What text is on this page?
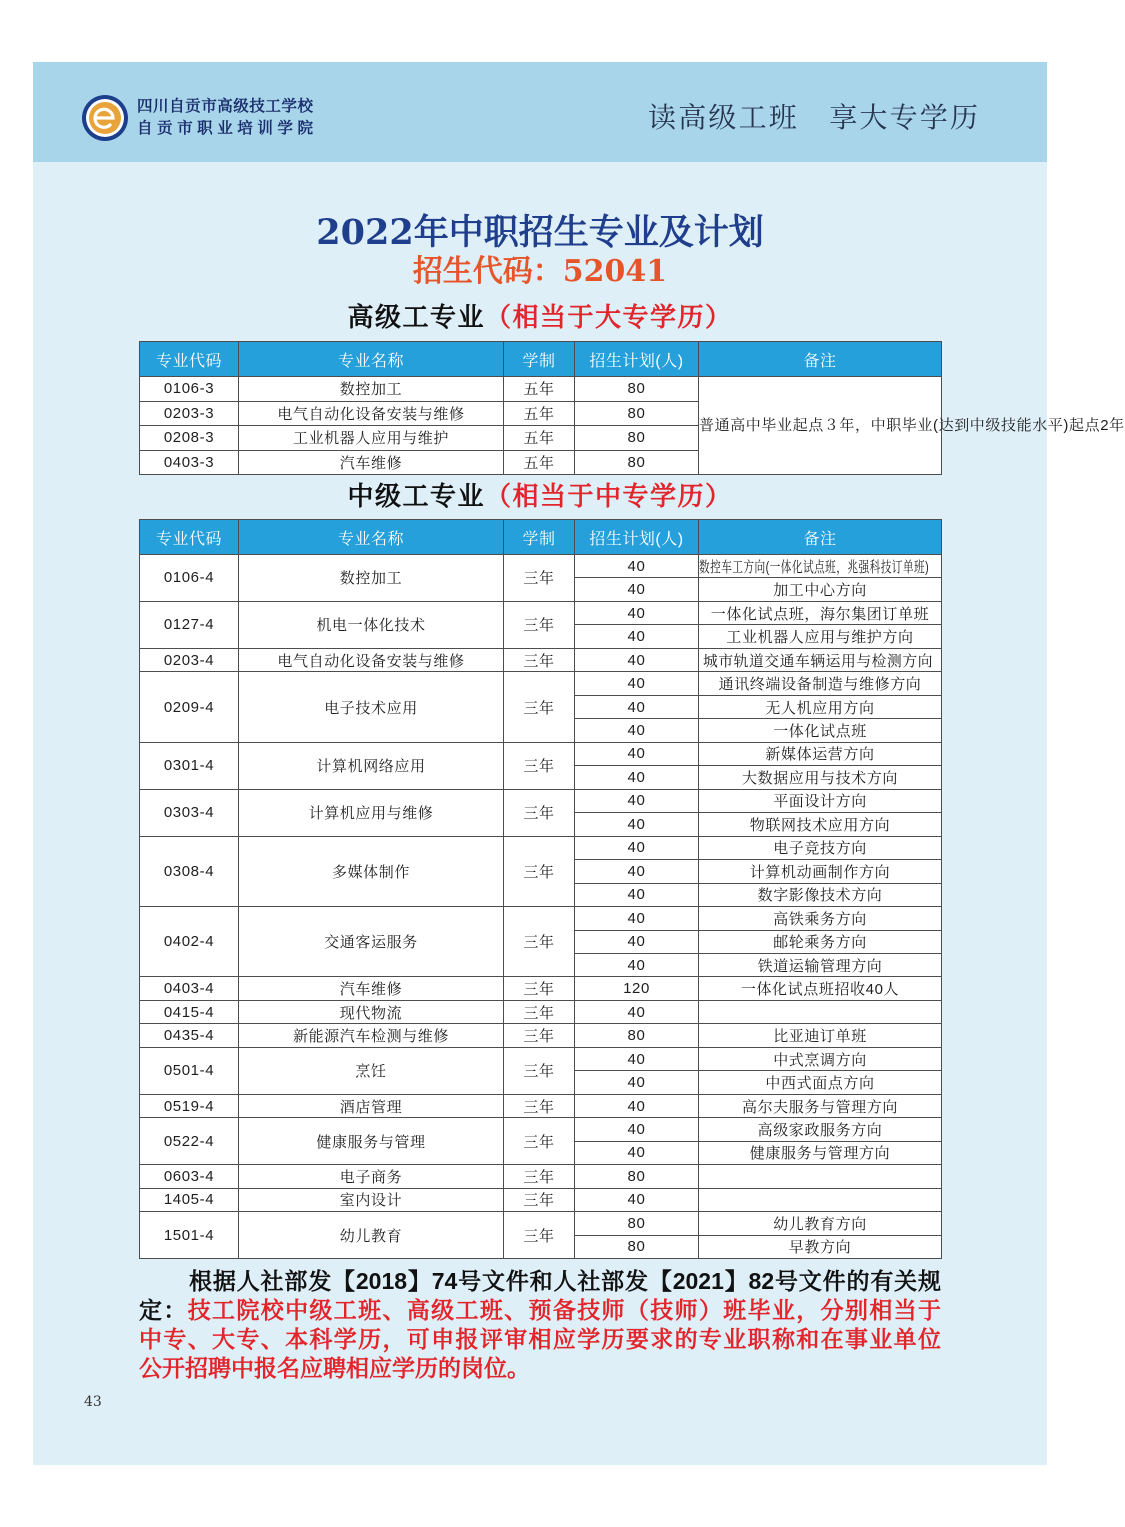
四川自贡市高级技工学校
自贡市职业培训学院	读高级工班　享大专学历
2022年中职招生专业及计划
招生代码：52041
高级工专业（相当于大专学历）
专业代码	专业名称	学制	招生计划(人)	备注
0106-3	数控加工	五年	80	普通高中毕业起点３年，中职毕业(达到中级技能水平)起点2年
0203-3	电气自动化设备安装与维修	五年	80	
0208-3	工业机器人应用与维护	五年	80	
0403-3	汽车维修	五年	80	
中级工专业（相当于中专学历）
专业代码	专业名称	学制	招生计划(人)	备注
0106-4	数控加工	三年	40	数控车工方向(一体化试点班，兆强科技订单班)
			40	加工中心方向
0127-4	机电一体化技术	三年	40	一体化试点班，海尔集团订单班
			40	工业机器人应用与维护方向
0203-4	电气自动化设备安装与维修	三年	40	城市轨道交通车辆运用与检测方向
0209-4	电子技术应用	三年	40	通讯终端设备制造与维修方向
			40	无人机应用方向
			40	一体化试点班
0301-4	计算机网络应用	三年	40	新媒体运营方向
			40	大数据应用与技术方向
0303-4	计算机应用与维修	三年	40	平面设计方向
			40	物联网技术应用方向
0308-4	多媒体制作	三年	40	电子竞技方向
			40	计算机动画制作方向
			40	数字影像技术方向
0402-4	交通客运服务	三年	40	高铁乘务方向
			40	邮轮乘务方向
			40	铁道运输管理方向
0403-4	汽车维修	三年	120	一体化试点班招收40人
0415-4	现代物流	三年	40	
0435-4	新能源汽车检测与维修	三年	80	比亚迪订单班
0501-4	烹饪	三年	40	中式烹调方向
			40	中西式面点方向
0519-4	酒店管理	三年	40	高尔夫服务与管理方向
0522-4	健康服务与管理	三年	40	高级家政服务方向
			40	健康服务与管理方向
0603-4	电子商务	三年	80	
1405-4	室内设计	三年	40	
1501-4	幼儿教育	三年	80	幼儿教育方向
			80	早教方向
根据人社部发【2018】74号文件和人社部发【2021】82号文件的有关规
定：技工院校中级工班、高级工班、预备技师（技师）班毕业，分别相当于
中专、大专、本科学历，可申报评审相应学历要求的专业职称和在事业单位
公开招聘中报名应聘相应学历的岗位。
43
